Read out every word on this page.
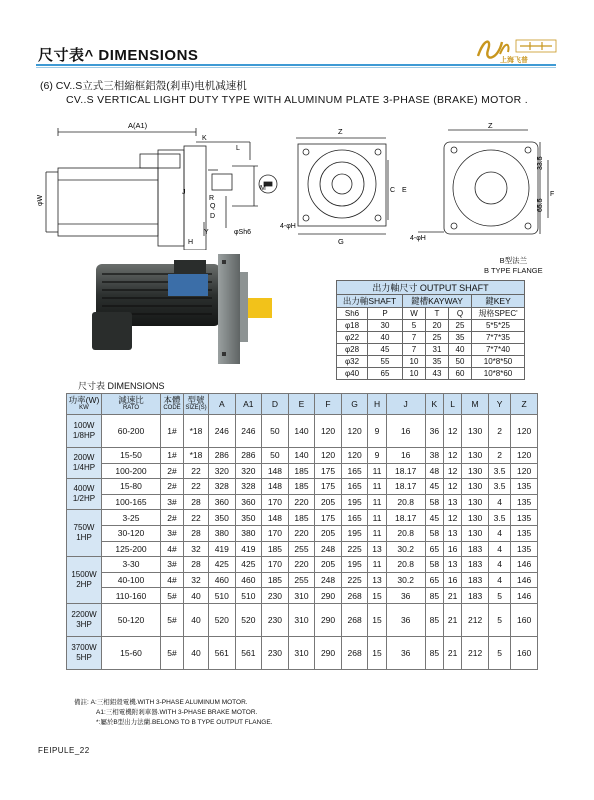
尺寸表^ DIMENSIONS	上海飞普
(6) CV..S立式三相縮框鋁殼(剎車)电机减速机
CV..S VERTICAL LIGHT DUTY TYPE WITH ALUMINUM PLATE 3-PHASE (BRAKE) MOTOR .
A(A1)
K
L
M
J
R
Q
D
Y
H
φW
φSh6
Z
G
4-φH
C E
Z
4-φH
33.5
65.5
F
B型法兰
B TYPE FLANGE
出力軸尺寸 OUTPUT SHAFT					
出力軸SHAFT		鍵槽KAYWAY			鍵KEY
Sh6	P	W	T	Q	規格SPEC'
φ18	30	5	20	25	5*5*25
φ22	40	7	25	35	7*7*35
φ28	45	7	31	40	7*7*40
φ32	55	10	35	50	10*8*50
φ40	65	10	43	60	10*8*60
尺寸表 DIMENSIONS
功率(W)
KW	減速比
RATO	本體
CODE	型號
SIZE(S)	A	A1	D	E	F	G	H	J	K	L	M	Y	Z
100W
1/8HP	60-200	1#	*18	246	246	50	140	120	120	9	16	36	12	130	2	120
200W
1/4HP	15-50	1#	*18	286	286	50	140	120	120	9	16	38	12	130	2	120
	100-200	2#	22	320	320	148	185	175	165	11	18.17	48	12	130	3.5	120
400W
1/2HP	15-80	2#	22	328	328	148	185	175	165	11	18.17	45	12	130	3.5	135
	100-165	3#	28	360	360	170	220	205	195	11	20.8	58	13	130	4	135
750W
1HP	3-25	2#	22	350	350	148	185	175	165	11	18.17	45	12	130	3.5	135
	30-120	3#	28	380	380	170	220	205	195	11	20.8	58	13	130	4	135
	125-200	4#	32	419	419	185	255	248	225	13	30.2	65	16	183	4	135
1500W
2HP	3-30	3#	28	425	425	170	220	205	195	11	20.8	58	13	183	4	146
	40-100	4#	32	460	460	185	255	248	225	13	30.2	65	16	183	4	146
	110-160	5#	40	510	510	230	310	290	268	15	36	85	21	183	5	146
2200W
3HP	50-120	5#	40	520	520	230	310	290	268	15	36	85	21	212	5	160
3700W
5HP	15-60	5#	40	561	561	230	310	290	268	15	36	85	21	212	5	160
備註: A:三相鋁殼電機.WITH 3-PHASE ALUMINUM MOTOR.
A1:三相電機附剎車器.WITH 3-PHASE BRAKE MOTOR.
*:屬於B型出力法蘭.BELONG TO B TYPE OUTPUT FLANGE.
FEIPULE_22
